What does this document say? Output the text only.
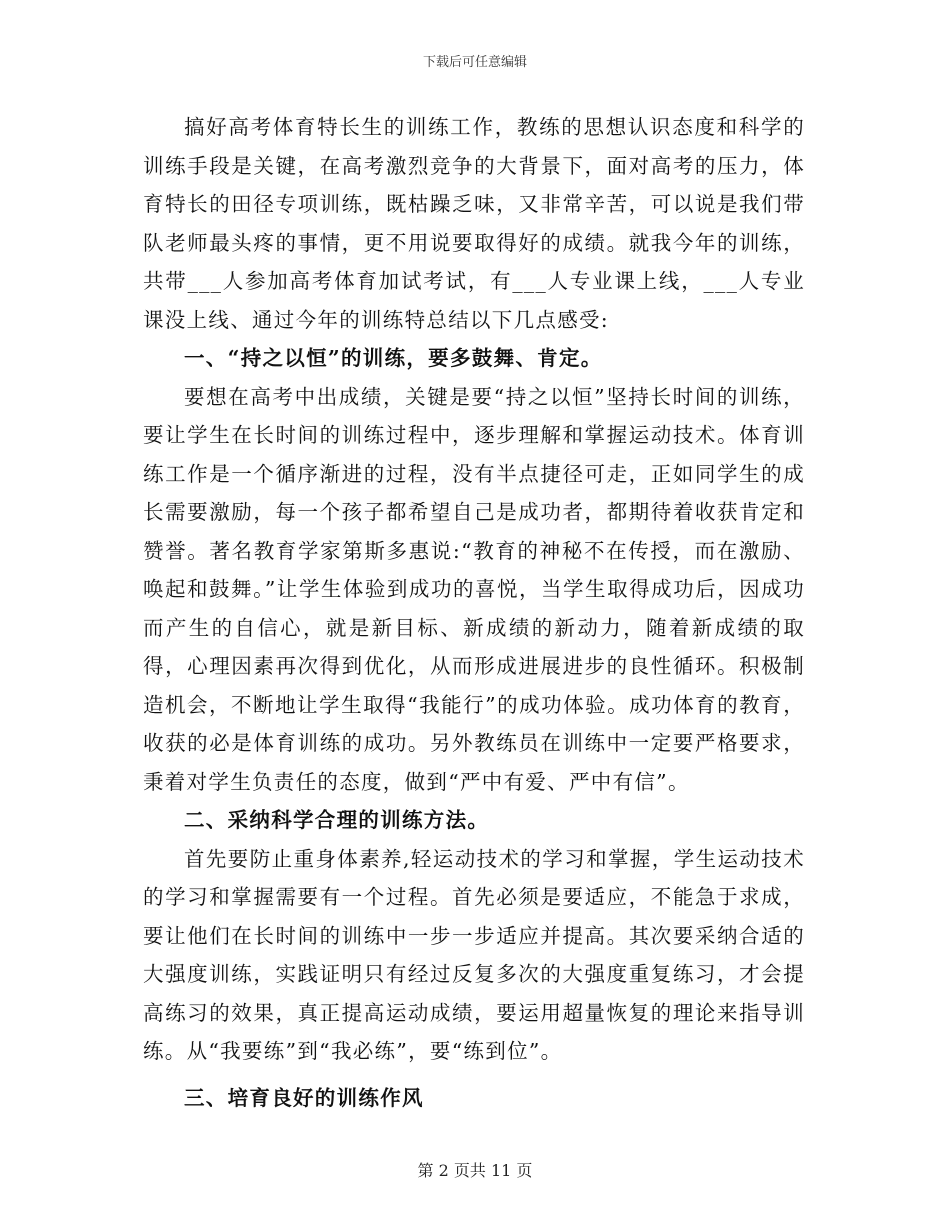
下载后可任意编辑

搞好高考体育特长生的训练工作，教练的思想认识态度和科学的训练手段是关键，在高考激烈竞争的大背景下，面对高考的压力，体育特长的田径专项训练，既枯躁乏味，又非常辛苦，可以说是我们带队老师最头疼的事情，更不用说要取得好的成绩。就我今年的训练，共带___人参加高考体育加试考试，有___人专业课上线，___人专业课没上线、通过今年的训练特总结以下几点感受:

一、“持之以恒”的训练，要多鼓舞、肯定。

要想在高考中出成绩，关键是要“持之以恒”坚持长时间的训练，要让学生在长时间的训练过程中，逐步理解和掌握运动技术。体育训练工作是一个循序渐进的过程，没有半点捷径可走，正如同学生的成长需要激励，每一个孩子都希望自己是成功者，都期待着收获肯定和赞誉。著名教育学家第斯多惠说:“教育的神秘不在传授，而在激励、唤起和鼓舞。”让学生体验到成功的喜悦，当学生取得成功后，因成功而产生的自信心，就是新目标、新成绩的新动力，随着新成绩的取得，心理因素再次得到优化，从而形成进展进步的良性循环。积极制造机会，不断地让学生取得“我能行”的成功体验。成功体育的教育，收获的必是体育训练的成功。另外教练员在训练中一定要严格要求，秉着对学生负责任的态度，做到“严中有爱、严中有信”。

二、采纳科学合理的训练方法。

首先要防止重身体素养,轻运动技术的学习和掌握，学生运动技术的学习和掌握需要有一个过程。首先必须是要适应，不能急于求成，要让他们在长时间的训练中一步一步适应并提高。其次要采纳合适的大强度训练，实践证明只有经过反复多次的大强度重复练习，才会提高练习的效果，真正提高运动成绩，要运用超量恢复的理论来指导训练。从“我要练”到“我必练”，要“练到位”。

三、培育良好的训练作风

第 2 页共 11 页
